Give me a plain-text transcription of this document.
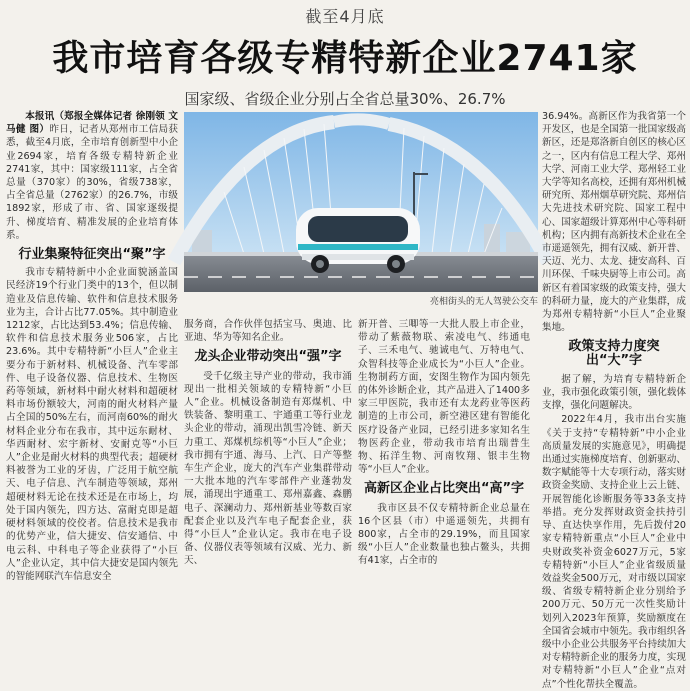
截至4月底
我市培育各级专精特新企业2741家
国家级、省级企业分别占全省总量30%、26.7%
本报讯（郑报全媒体记者 徐刚领 文马健 图）昨日，记者从郑州市工信局获悉，截至4月底，全市培育创新型中小企业2694家，培育各级专精特新企业2741家，其中：国家级111家，占全省总量（370家）的30%，省级738家，占全省总量（2762家）的26.7%，市级1892家，形成了市、省、国家逐级提升、梯度培育、精准发展的企业培育体系。
行业集聚特征突出“聚”字

我市专精特新中小企业面貌涵盖国民经济19个行业门类中的13个，但以制造业及信息传输、软件和信息技术服务业为主，合计占比77.05%。其中制造业1212家，占比达到53.4%；信息传输、软件和信息技术服务业506家，占比23.6%。其中专精特新“小巨人”企业主要分布于新材料、机械设备、汽车零部件、电子设备仪器、信息技术、生物医药等领域，新材料中耐火材料和超硬材料市场份额较大，河南的耐火材料产量占全国的50%左右，而河南60%的耐火材料企业分布在我市，其中远东耐材、华西耐材、宏宇新材、安耐克等“小巨人”企业是耐火材料的典型代表；超硬材料被誉为工业的牙齿，广泛用于航空航天、电子信息、汽车制造等领域，郑州超硬材料无论在技术还是在市场上，均处于国内领先，四方达、富耐克即是超硬材料领域的佼佼者。信息技术是我市的优势产业，信大捷安、信安通信、中电云科、中科电子等企业获得了“小巨人”企业认定，其中信大捷安是国内领先的智能网联汽车信息安全

亮相街头的无人驾驶公交车

服务商，合作伙伴包括宝马、奥迪、比亚迪、华为等知名企业。

龙头企业带动突出“强”字

受千亿级主导产业的带动，我市涌现出一批相关领域的专精特新“小巨人”企业。机械设备制造有郑煤机、中铁装备、黎明重工、宇通重工等行业龙头企业的带动，涌现出凯雪冷链、新天力重工、郑煤机综机等“小巨人”企业；我市拥有宇通、海马、上汽、日产等整车生产企业，庞大的汽车产业集群带动一大批本地的汽车零部件产业蓬勃发展，涌现出宇通重工、郑州嘉鑫、森鹏电子、深澜动力、郑州新基业等数百家配套企业以及汽车电子配套企业，获得“小巨人”企业认定。我市在电子设备、仪器仪表等领域有汉威、光力、新天、

新开普、三唧等一大批人股上市企业，带动了紫薇物联、索凌电气、纬通电子、三禾电气、驰诚电气、万特电气、众智科技等企业成长为“小巨人”企业。生物制药方面，安图生物作为国内领先的体外诊断企业，其产品进入了1400多家三甲医院，我市还有太龙药业等医药制造的上市公司，新空港区建有智能化医疗设备产业园，已经引进多家知名生物医药企业，带动我市培育出瑞普生物、拓洋生物、河南牧翔、银丰生物等“小巨人”企业。

高新区企业占比突出“高”字

我市区县不仅专精特新企业总量在16个区县（市）中遥遥领先，共拥有800家，占全市的29.19%，而且国家级“小巨人”企业数量也独占鳌头，共拥有41家，占全市的

36.94%。高新区作为我省第一个开发区，也是全国第一批国家级高新区，还是郑洛新自创区的核心区之一，区内有信息工程大学、郑州大学、河南工业大学、郑州轻工业大学等知名高校，还拥有郑州机械研究所、郑州烟草研究院、郑州信大先进技术研究院、国家工程中心、国家超级计算郑州中心等科研机构；区内拥有高新技术企业在全市遥遥领先，拥有汉威、新开普、天迈、光力、太龙、捷安高科、百川环保、千味央厨等上市公司。高新区有着国家级的政策支持，强大的科研力量，庞大的产业集群，成为郑州专精特新“小巨人”企业聚集地。

政策支持力度突出“大”字

据了解，为培育专精特新企业，我市强化政策引领，强化载体支撑，强化问题解决。

2022年4月，我市出台实施《关于支持“专精特新”中小企业高质量发展的实施意见》，明确提出通过实施梯度培育、创新驱动、数字赋能等十大专项行动，落实财政资金奖励、支持企业上云上链、开展智能化诊断服务等33条支持举措。充分发挥财政资金扶持引导、直达快享作用，先后拨付20家专精特新重点“小巨人”企业中央财政奖补资金6027万元，5家专精特新“小巨人”企业省级质量效益奖金500万元，对市级以国家级、省级专精特新企业分别给予200万元、50万元一次性奖励计划列入2023年预算，奖励额度在全国省会城市中领先。我市组织各级中小企业公共服务平台持续加大对专精特新企业的服务力度，实现对专精特新“小巨人”企业“点对点”个性化帮扶全覆盖。
